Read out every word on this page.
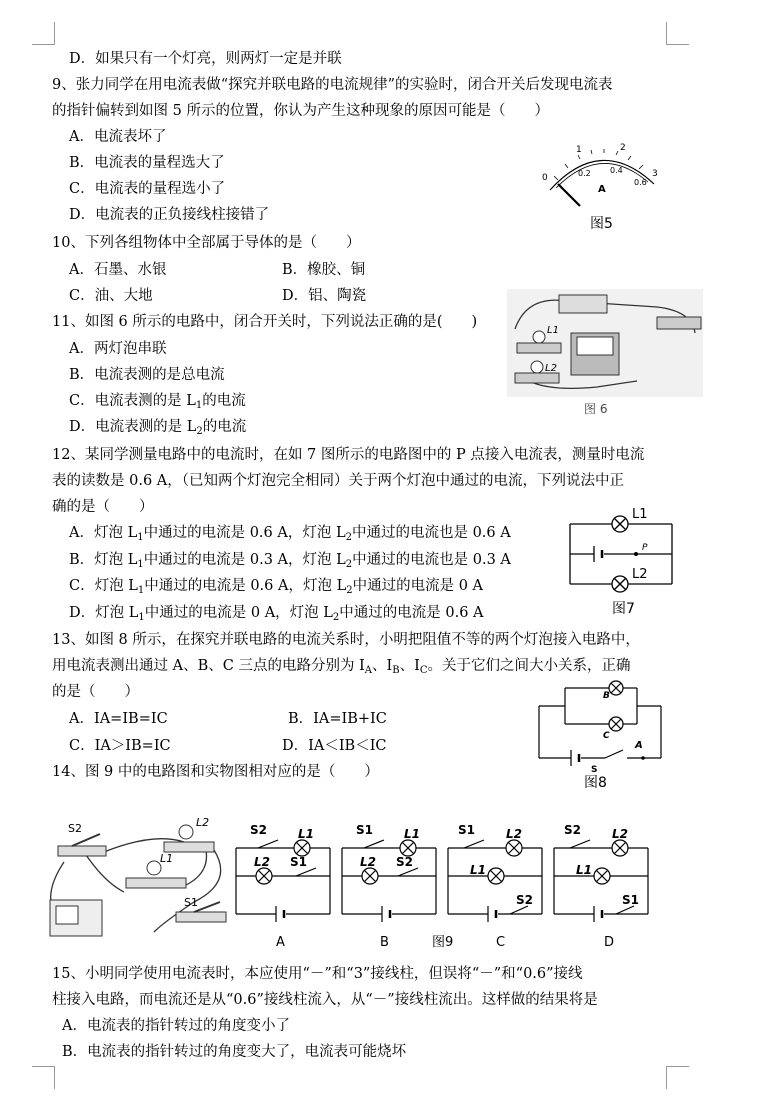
D．如果只有一个灯亮，则两灯一定是并联
9、张力同学在用电流表做“探究并联电路的电流规律”的实验时，闭合开关后发现电流表
的指针偏转到如图 5 所示的位置，你认为产生这种现象的原因可能是（　　）
A．电流表坏了
B．电流表的量程选大了
C．电流表的量程选小了
D．电流表的正负接线柱接错了
0
1	2
3
0.2 0.4
0.6
A
图5
10、下列各组物体中全部属于导体的是（　　）
A．石墨、水银	B．橡胶、铜
C．油、大地	D．铝、陶瓷
11、如图 6 所示的电路中，闭合开关时，下列说法正确的是(　　)
A．两灯泡串联
B．电流表测的是总电流
C．电流表测的是 $L_1$的电流
D．电流表测的是 $L_2$的电流
L1
L2
图 6
12、某同学测量电路中的电流时，在如 7 图所示的电路图中的 P 点接入电流表，测量时电流
表的读数是 0.6 A，（已知两个灯泡完全相同）关于两个灯泡中通过的电流，下列说法中正
确的是（　　）
A．灯泡 $L_1$中通过的电流是 0.6 A，灯泡 $L_2$中通过的电流也是 0.6 A
B．灯泡 $L_1$中通过的电流是 0.3 A，灯泡 $L_2$中通过的电流也是 0.3 A
C．灯泡 $L_1$中通过的电流是 0.6 A，灯泡 $L_2$中通过的电流是 0 A
D．灯泡 $L_1$中通过的电流是 0 A，灯泡 $L_2$中通过的电流是 0.6 A
L1
L2
P
图7
13、如图 8 所示，在探究并联电路的电流关系时，小明把阻值不等的两个灯泡接入电路中，
用电流表测出通过 A、B、C 三点的电路分别为 $I_A$、$I_B$、$I_C$。关于它们之间大小关系，正确
的是（　　）
A．IA=IB=IC	B．IA=IB+IC
C．IA＞IB=IC	D．IA＜IB＜IC
B
C
A
S
图8
14、图 9 中的电路图和实物图相对应的是（　　）
S2	L2
L1
S1
S2	L1
L2 S1
S1	L1
L2 S2
S1	L2
L1
S2
S2	L2
L1
S1
A	B	图9	C	D
15、小明同学使用电流表时，本应使用“－”和“3”接线柱，但误将“－”和“0.6”接线
柱接入电路，而电流还是从“0.6”接线柱流入，从“－”接线柱流出。这样做的结果将是
A．电流表的指针转过的角度变小了
B．电流表的指针转过的角度变大了，电流表可能烧坏
